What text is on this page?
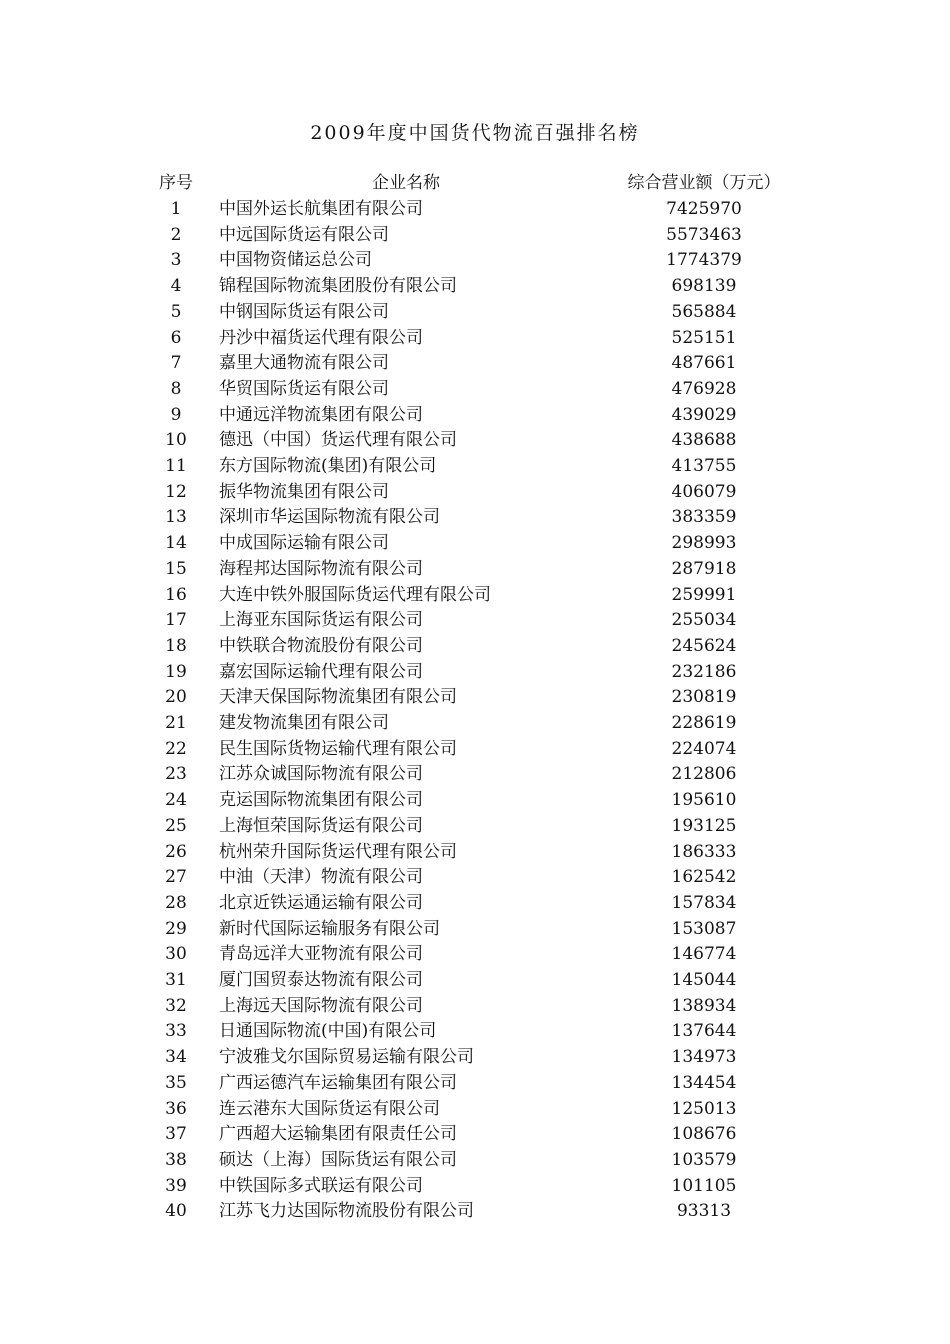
2009年度中国货代物流百强排名榜
序号	企业名称	综合营业额（万元）
1	中国外运长航集团有限公司	7425970
2	中远国际货运有限公司	5573463
3	中国物资储运总公司	1774379
4	锦程国际物流集团股份有限公司	698139
5	中钢国际货运有限公司	565884
6	丹沙中福货运代理有限公司	525151
7	嘉里大通物流有限公司	487661
8	华贸国际货运有限公司	476928
9	中通远洋物流集团有限公司	439029
10	德迅（中国）货运代理有限公司	438688
11	东方国际物流(集团)有限公司	413755
12	振华物流集团有限公司	406079
13	深圳市华运国际物流有限公司	383359
14	中成国际运输有限公司	298993
15	海程邦达国际物流有限公司	287918
16	大连中铁外服国际货运代理有限公司	259991
17	上海亚东国际货运有限公司	255034
18	中铁联合物流股份有限公司	245624
19	嘉宏国际运输代理有限公司	232186
20	天津天保国际物流集团有限公司	230819
21	建发物流集团有限公司	228619
22	民生国际货物运输代理有限公司	224074
23	江苏众诚国际物流有限公司	212806
24	克运国际物流集团有限公司	195610
25	上海恒荣国际货运有限公司	193125
26	杭州荣升国际货运代理有限公司	186333
27	中油（天津）物流有限公司	162542
28	北京近铁运通运输有限公司	157834
29	新时代国际运输服务有限公司	153087
30	青岛远洋大亚物流有限公司	146774
31	厦门国贸泰达物流有限公司	145044
32	上海远天国际物流有限公司	138934
33	日通国际物流(中国)有限公司	137644
34	宁波雅戈尔国际贸易运输有限公司	134973
35	广西运德汽车运输集团有限公司	134454
36	连云港东大国际货运有限公司	125013
37	广西超大运输集团有限责任公司	108676
38	硕达（上海）国际货运有限公司	103579
39	中铁国际多式联运有限公司	101105
40	江苏飞力达国际物流股份有限公司	93313
